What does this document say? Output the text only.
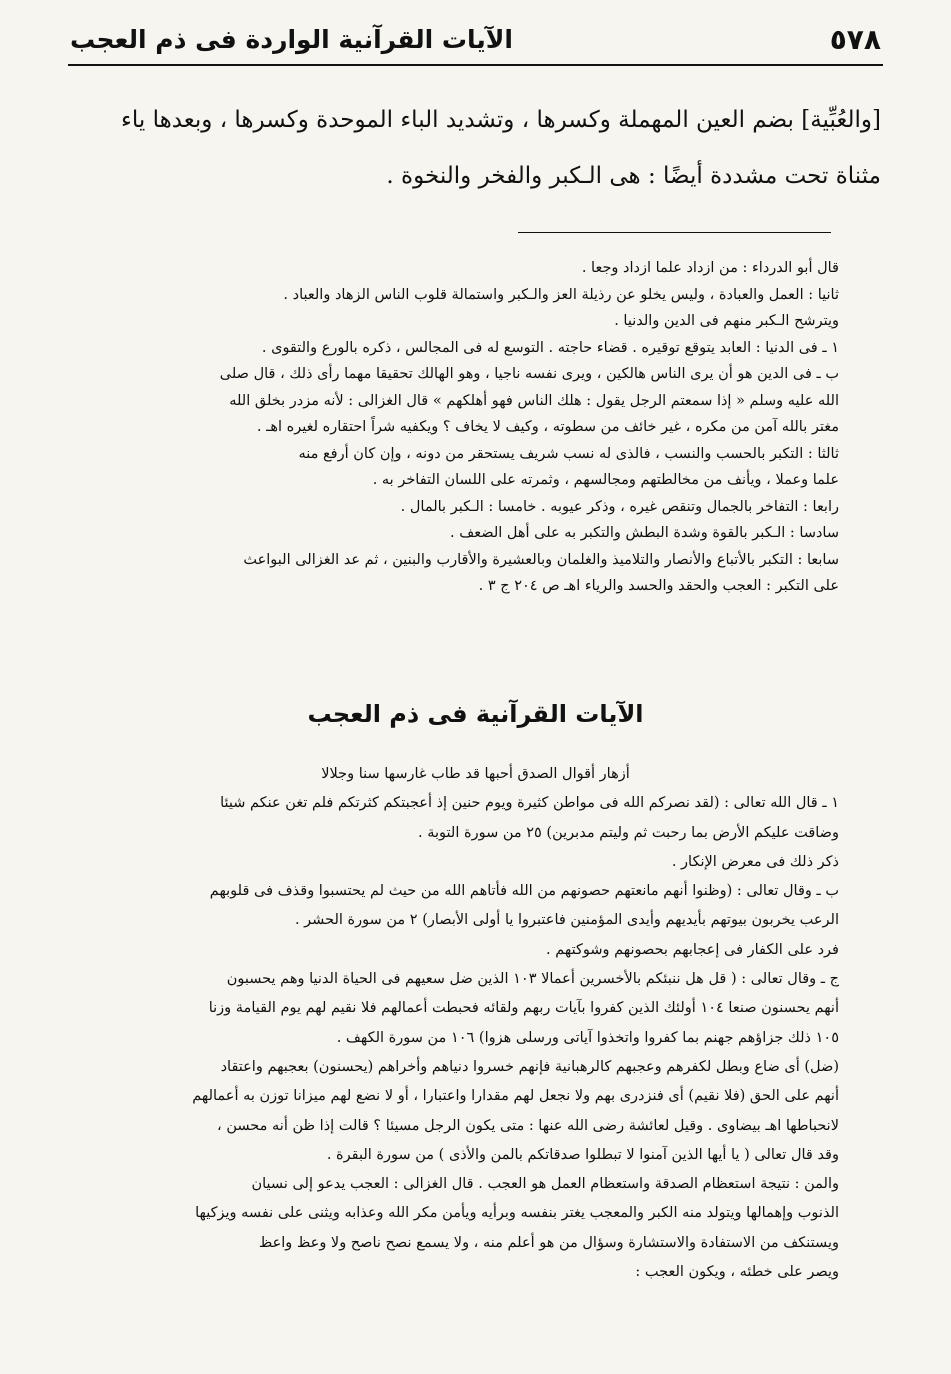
٥٧٨
الآيات القرآنية الواردة فى ذم العجب

[والعُبِّية] بضم العين المهملة وكسرها ، وتشديد الباء الموحدة وكسرها ، وبعدها ياء

مثناة تحت مشددة أيضًا : هى الـكبر والفخر والنخوة .

قال أبو الدرداء : من ازداد علما ازداد وجعا .

ثانيا : العمل والعبادة ، وليس يخلو عن رذيلة العز والـكبر واستمالة قلوب الناس الزهاد والعباد .

ويترشح الـكبر منهم فى الدين والدنيا .

١ ـ فى الدنيا : العابد يتوقع توقيره . قضاء حاجته . التوسع له فى المجالس ، ذكره بالورع والتقوى .

ب ـ فى الدين هو أن يرى الناس هالكين ، ويرى نفسه ناجيا ، وهو الهالك تحقيقا مهما رأى ذلك ، قال صلى

الله عليه وسلم « إذا سمعتم الرجل يقول : هلك الناس فهو أهلكهم » قال الغزالى : لأنه مزدر بخلق الله

مغتر بالله آمن من مكره ، غير خائف من سطوته ، وكيف لا يخاف ؟ ويكفيه شراً احتقاره لغيره اهـ .

ثالثا : التكبر بالحسب والنسب ، فالذى له نسب شريف يستحقر من دونه ، وإن كان أرفع منه

علما وعملا ، ويأنف من مخالطتهم ومجالسهم ، وثمرته على اللسان التفاخر به .

رابعا : التفاخر بالجمال وتنقص غيره ، وذكر عيوبه . خامسا : الـكبر بالمال .

سادسا : الـكبر بالقوة وشدة البطش والتكبر به على أهل الضعف .

سابعا : التكبر بالأتباع والأنصار والتلاميذ والغلمان وبالعشيرة والأقارب والبنين ، ثم عد الغزالى البواعث

على التكبر : العجب والحقد والحسد والرياء اهـ ص ٢٠٤ ج ٣ .

الآيات القرآنية فى ذم العجب

أزهار أقوال الصدق أحبها قد طاب غارسها سنا وجلالا

١ ـ قال الله تعالى : (لقد نصركم الله فى مواطن كثيرة ويوم حنين إذ أعجبتكم كثرتكم فلم تغن عنكم شيئا

وضاقت عليكم الأرض بما رحبت ثم وليتم مدبرين) ٢٥ من سورة التوبة .

ذكر ذلك فى معرض الإنكار .

ب ـ وقال تعالى : (وظنوا أنهم مانعتهم حصونهم من الله فأتاهم الله من حيث لم يحتسبوا وقذف فى قلوبهم

الرعب يخربون بيوتهم بأيديهم وأيدى المؤمنين فاعتبروا يا أولى الأبصار) ٢ من سورة الحشر .

فرد على الكفار فى إعجابهم بحصونهم وشوكتهم .

ج ـ وقال تعالى : ( قل هل ننبئكم بالأخسرين أعمالا ١٠٣ الذين ضل سعيهم فى الحياة الدنيا وهم يحسبون

أنهم يحسنون صنعا ١٠٤ أولئك الذين كفروا بآيات ربهم ولقائه فحبطت أعمالهم فلا نقيم لهم يوم القيامة وزنا

١٠٥ ذلك جزاؤهم جهنم بما كفروا واتخذوا آياتى ورسلى هزوا) ١٠٦ من سورة الكهف .

(ضل) أى ضاع وبطل لكفرهم وعجبهم كالرهبانية فإنهم خسروا دنياهم وأخراهم (يحسنون) بعجبهم واعتقاد

أنهم على الحق (فلا نقيم) أى فنزدرى بهم ولا نجعل لهم مقدارا واعتبارا ، أو لا نضع لهم ميزانا توزن به أعمالهم

لانحباطها اهـ بيضاوى . وقيل لعائشة رضى الله عنها : متى يكون الرجل مسيئا ؟ قالت إذا ظن أنه محسن ،

وقد قال تعالى ( يا أيها الذين آمنوا لا تبطلوا صدقاتكم بالمن والأذى ) من سورة البقرة .

والمن : نتيجة استعظام الصدقة واستعظام العمل هو العجب . قال الغزالى : العجب يدعو إلى نسيان

الذنوب وإهمالها ويتولد منه الكبر والمعجب يغتر بنفسه وبرأيه ويأمن مكر الله وعذابه ويثنى على نفسه ويزكيها

ويستنكف من الاستفادة والاستشارة وسؤال من هو أعلم منه ، ولا يسمع نصح ناصح ولا وعظ واعظ

ويصر على خطئه ، ويكون العجب :
